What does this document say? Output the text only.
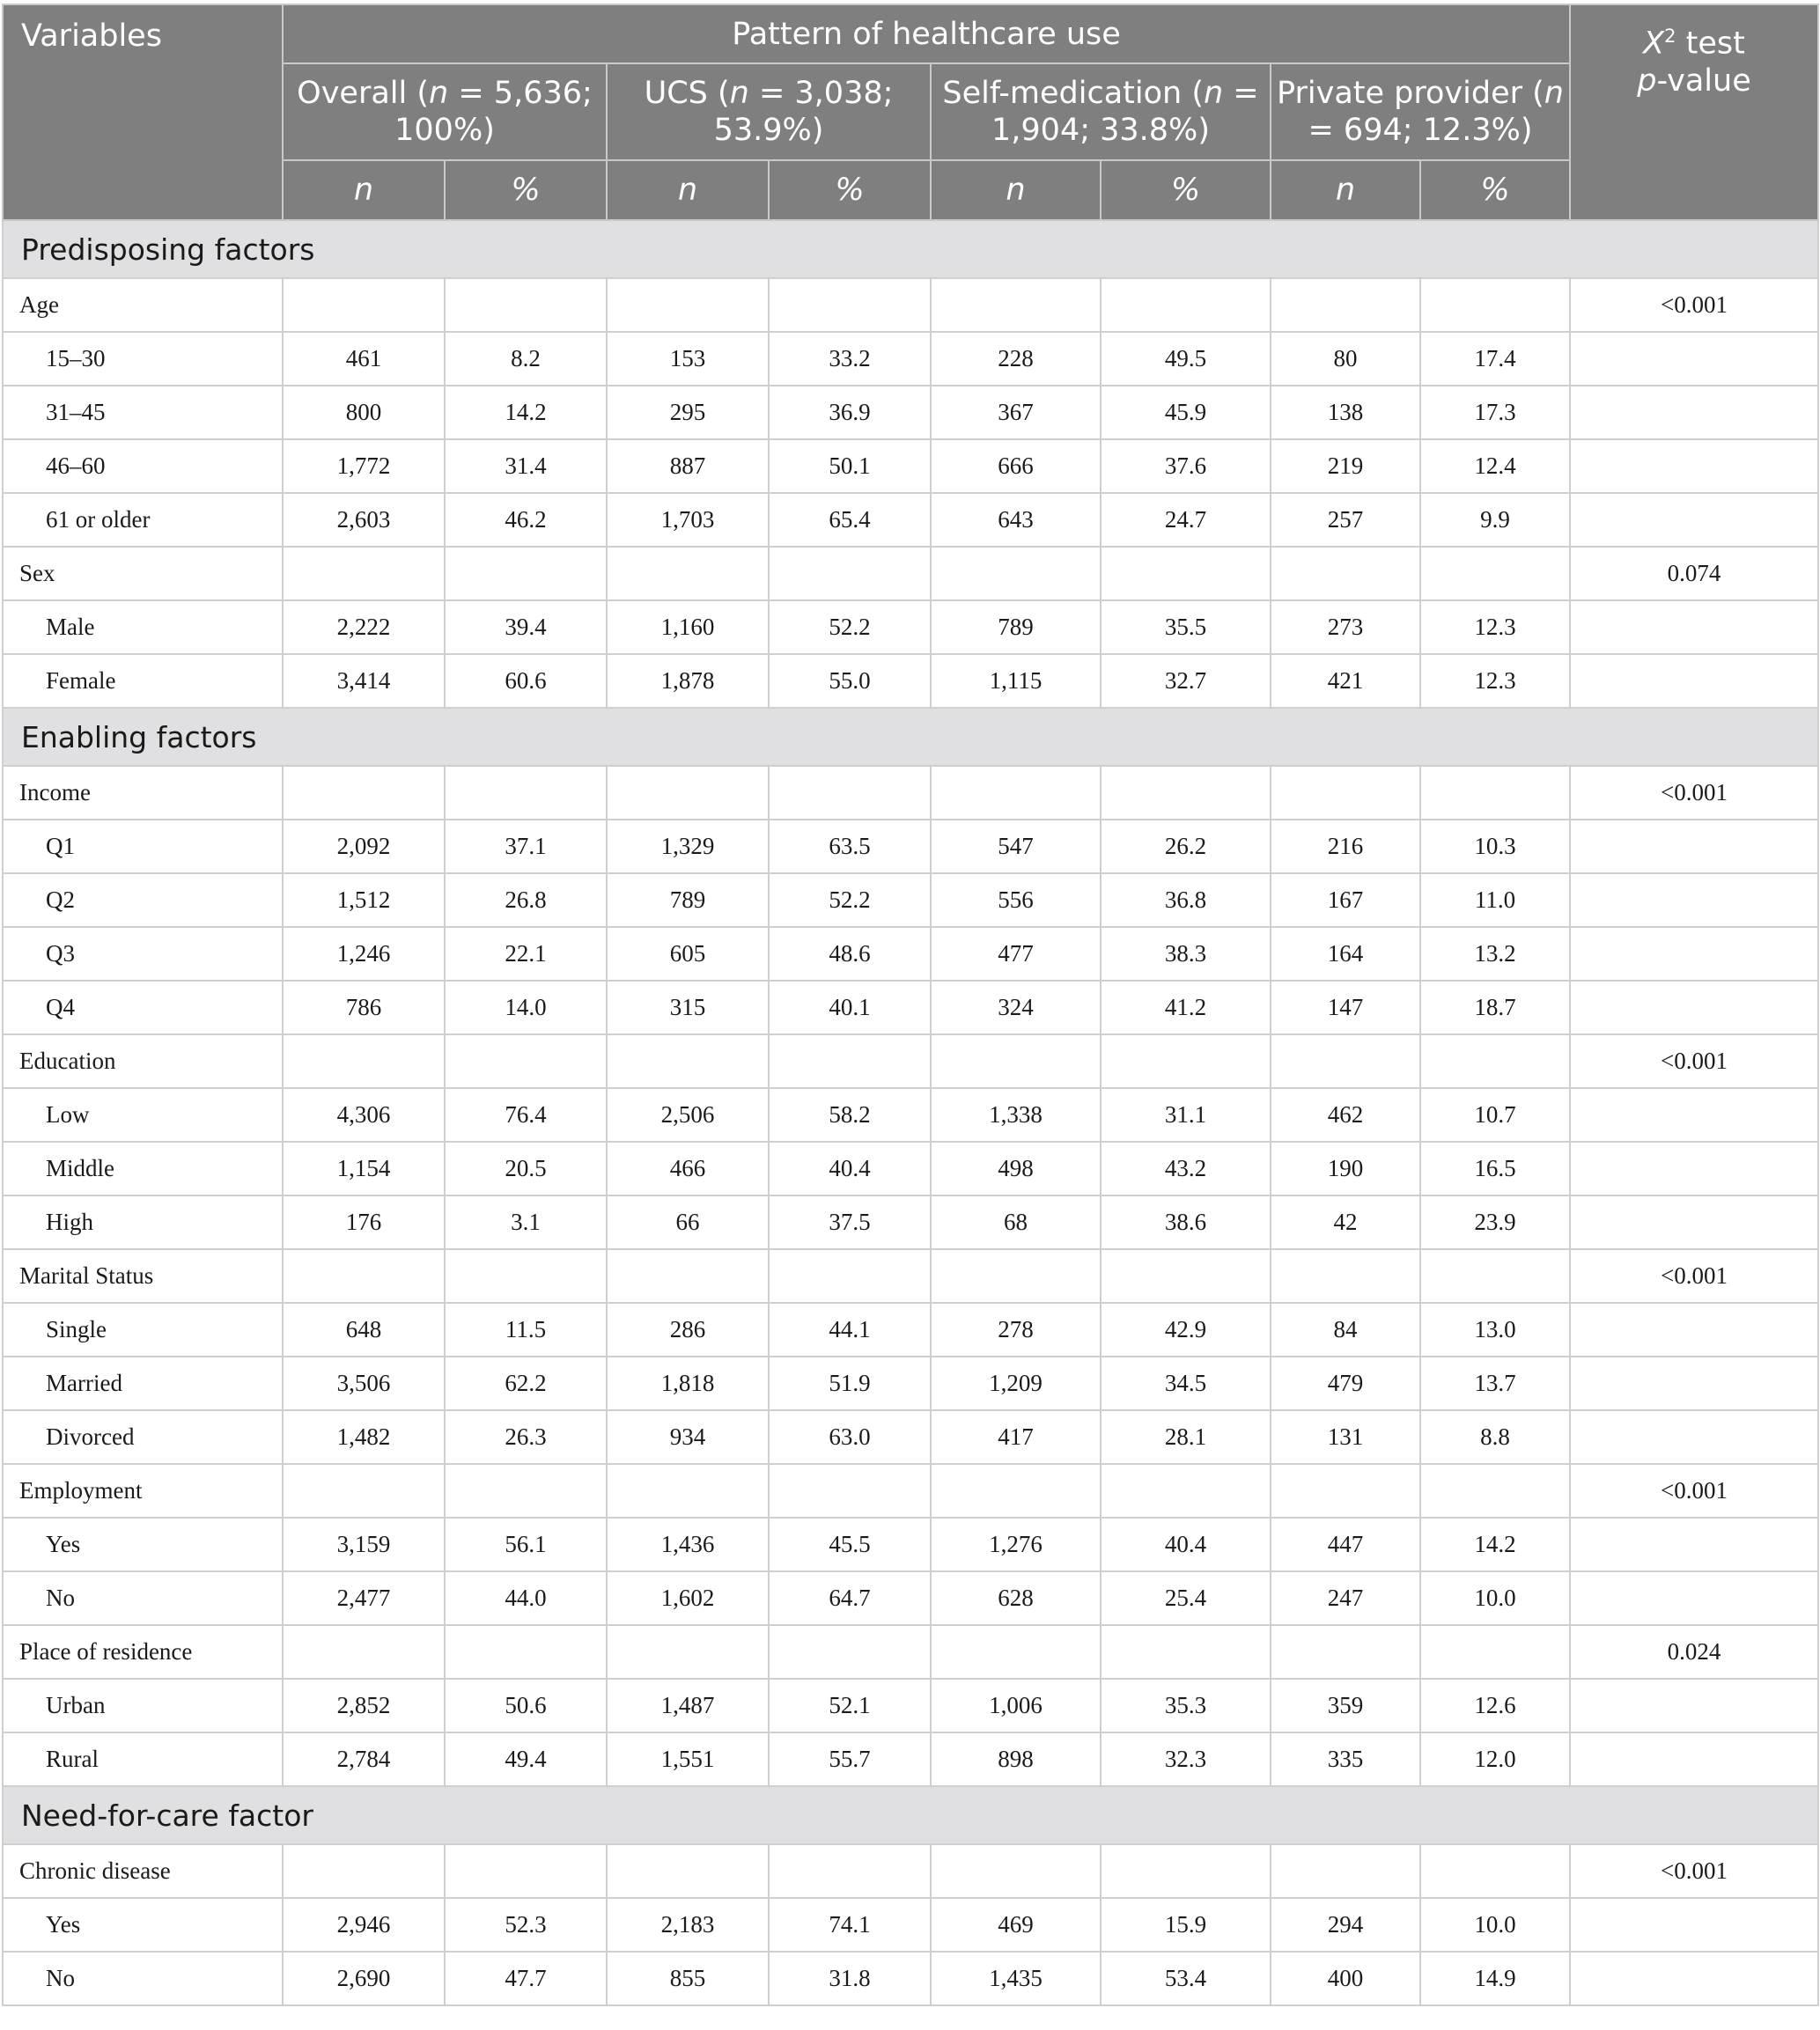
Variables	Pattern of healthcare use								$X^2$ test
p-value
	Overall (n = 5,636; 100%)		UCS (n = 3,038; 53.9%)		Self-medication (n = 1,904; 33.8%)		Private provider (n = 694; 12.3%)		
	n	%	n	%	n	%	n	%	
Predisposing factors									
Age									<0.001
15–30	461	8.2	153	33.2	228	49.5	80	17.4	
31–45	800	14.2	295	36.9	367	45.9	138	17.3	
46–60	1,772	31.4	887	50.1	666	37.6	219	12.4	
61 or older	2,603	46.2	1,703	65.4	643	24.7	257	9.9	
Sex									0.074
Male	2,222	39.4	1,160	52.2	789	35.5	273	12.3	
Female	3,414	60.6	1,878	55.0	1,115	32.7	421	12.3	
Enabling factors									
Income									<0.001
Q1	2,092	37.1	1,329	63.5	547	26.2	216	10.3	
Q2	1,512	26.8	789	52.2	556	36.8	167	11.0	
Q3	1,246	22.1	605	48.6	477	38.3	164	13.2	
Q4	786	14.0	315	40.1	324	41.2	147	18.7	
Education									<0.001
Low	4,306	76.4	2,506	58.2	1,338	31.1	462	10.7	
Middle	1,154	20.5	466	40.4	498	43.2	190	16.5	
High	176	3.1	66	37.5	68	38.6	42	23.9	
Marital Status									<0.001
Single	648	11.5	286	44.1	278	42.9	84	13.0	
Married	3,506	62.2	1,818	51.9	1,209	34.5	479	13.7	
Divorced	1,482	26.3	934	63.0	417	28.1	131	8.8	
Employment									<0.001
Yes	3,159	56.1	1,436	45.5	1,276	40.4	447	14.2	
No	2,477	44.0	1,602	64.7	628	25.4	247	10.0	
Place of residence									0.024
Urban	2,852	50.6	1,487	52.1	1,006	35.3	359	12.6	
Rural	2,784	49.4	1,551	55.7	898	32.3	335	12.0	
Need-for-care factor									
Chronic disease									<0.001
Yes	2,946	52.3	2,183	74.1	469	15.9	294	10.0	
No	2,690	47.7	855	31.8	1,435	53.4	400	14.9	
